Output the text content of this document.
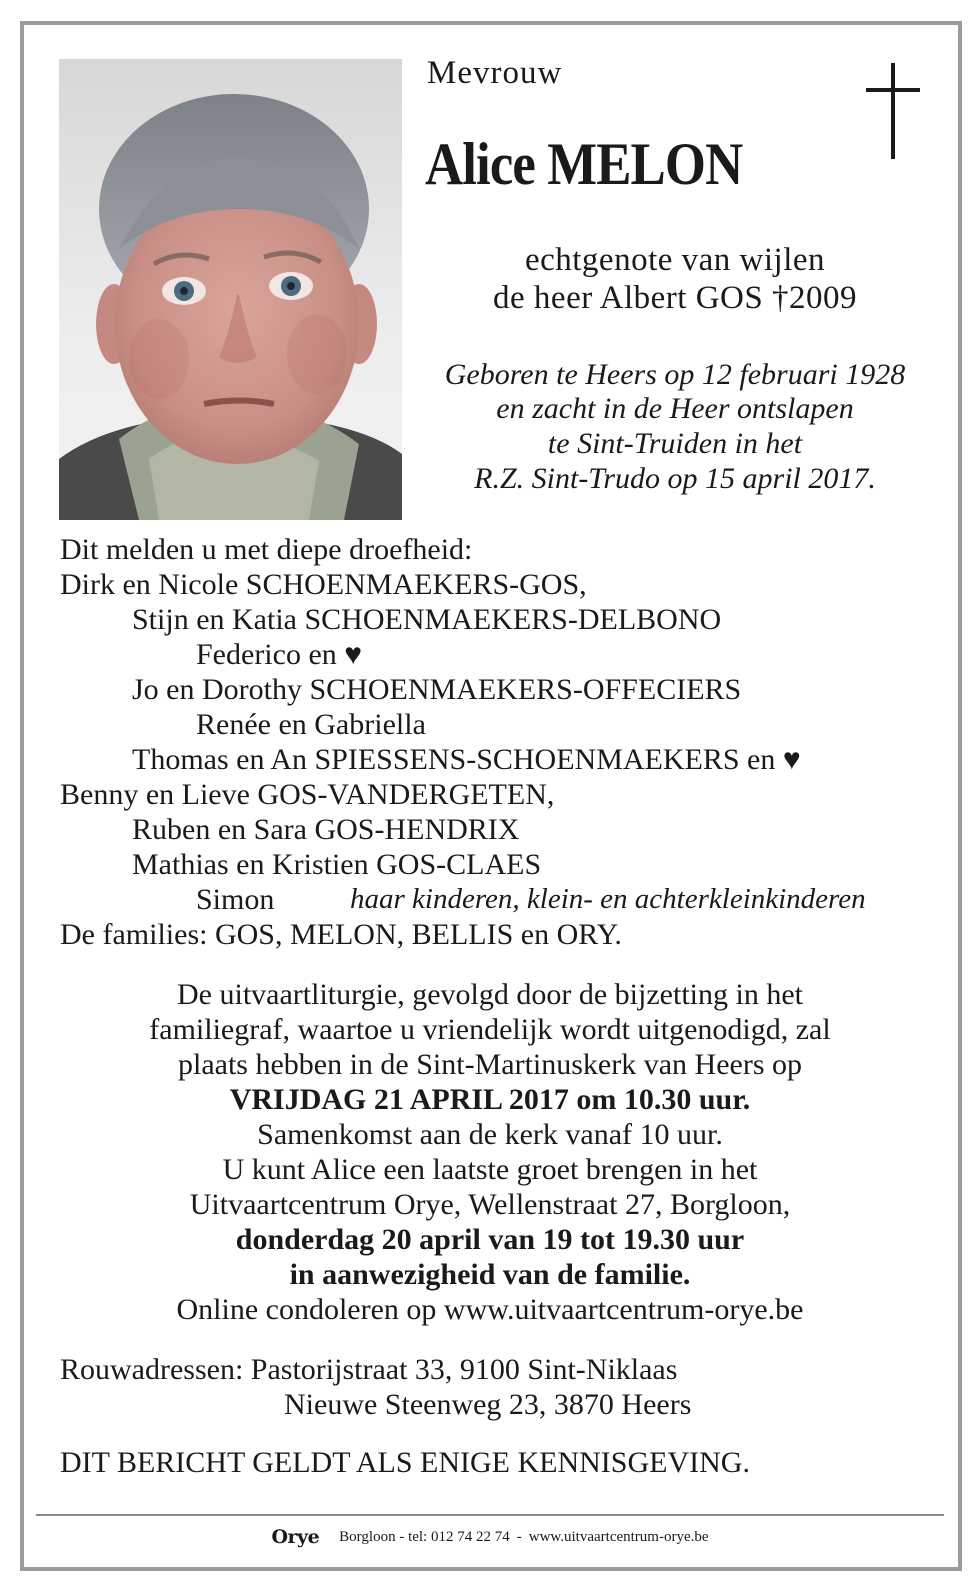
Mevrouw
Alice MELON
echtgenote van wijlen
de heer Albert GOS †2009
Geboren te Heers op 12 februari 1928
en zacht in de Heer ontslapen
te Sint-Truiden in het
R.Z. Sint-Trudo op 15 april 2017.
Dit melden u met diepe droefheid:
Dirk en Nicole SCHOENMAEKERS-GOS,
Stijn en Katia SCHOENMAEKERS-DELBONO
Federico en ♥
Jo en Dorothy SCHOENMAEKERS-OFFECIERS
Renée en Gabriella
Thomas en An SPIESSENS-SCHOENMAEKERS en ♥
Benny en Lieve GOS-VANDERGETEN,
Ruben en Sara GOS-HENDRIX
Mathias en Kristien GOS-CLAES
Simon	haar kinderen, klein- en achterkleinkinderen
De families: GOS, MELON, BELLIS en ORY.
De uitvaartliturgie, gevolgd door de bijzetting in het
familiegraf, waartoe u vriendelijk wordt uitgenodigd, zal
plaats hebben in de Sint-Martinuskerk van Heers op
VRIJDAG 21 APRIL 2017 om 10.30 uur.
Samenkomst aan de kerk vanaf 10 uur.
U kunt Alice een laatste groet brengen in het
Uitvaartcentrum Orye, Wellenstraat 27, Borgloon,
donderdag 20 april van 19 tot 19.30 uur
in aanwezigheid van de familie.
Online condoleren op www.uitvaartcentrum-orye.be
Rouwadressen: Pastorijstraat 33, 9100 Sint-Niklaas
Nieuwe Steenweg 23, 3870 Heers
DIT BERICHT GELDT ALS ENIGE KENNISGEVING.
Orye Borgloon - tel: 012 74 22 74 - www.uitvaartcentrum-orye.be
